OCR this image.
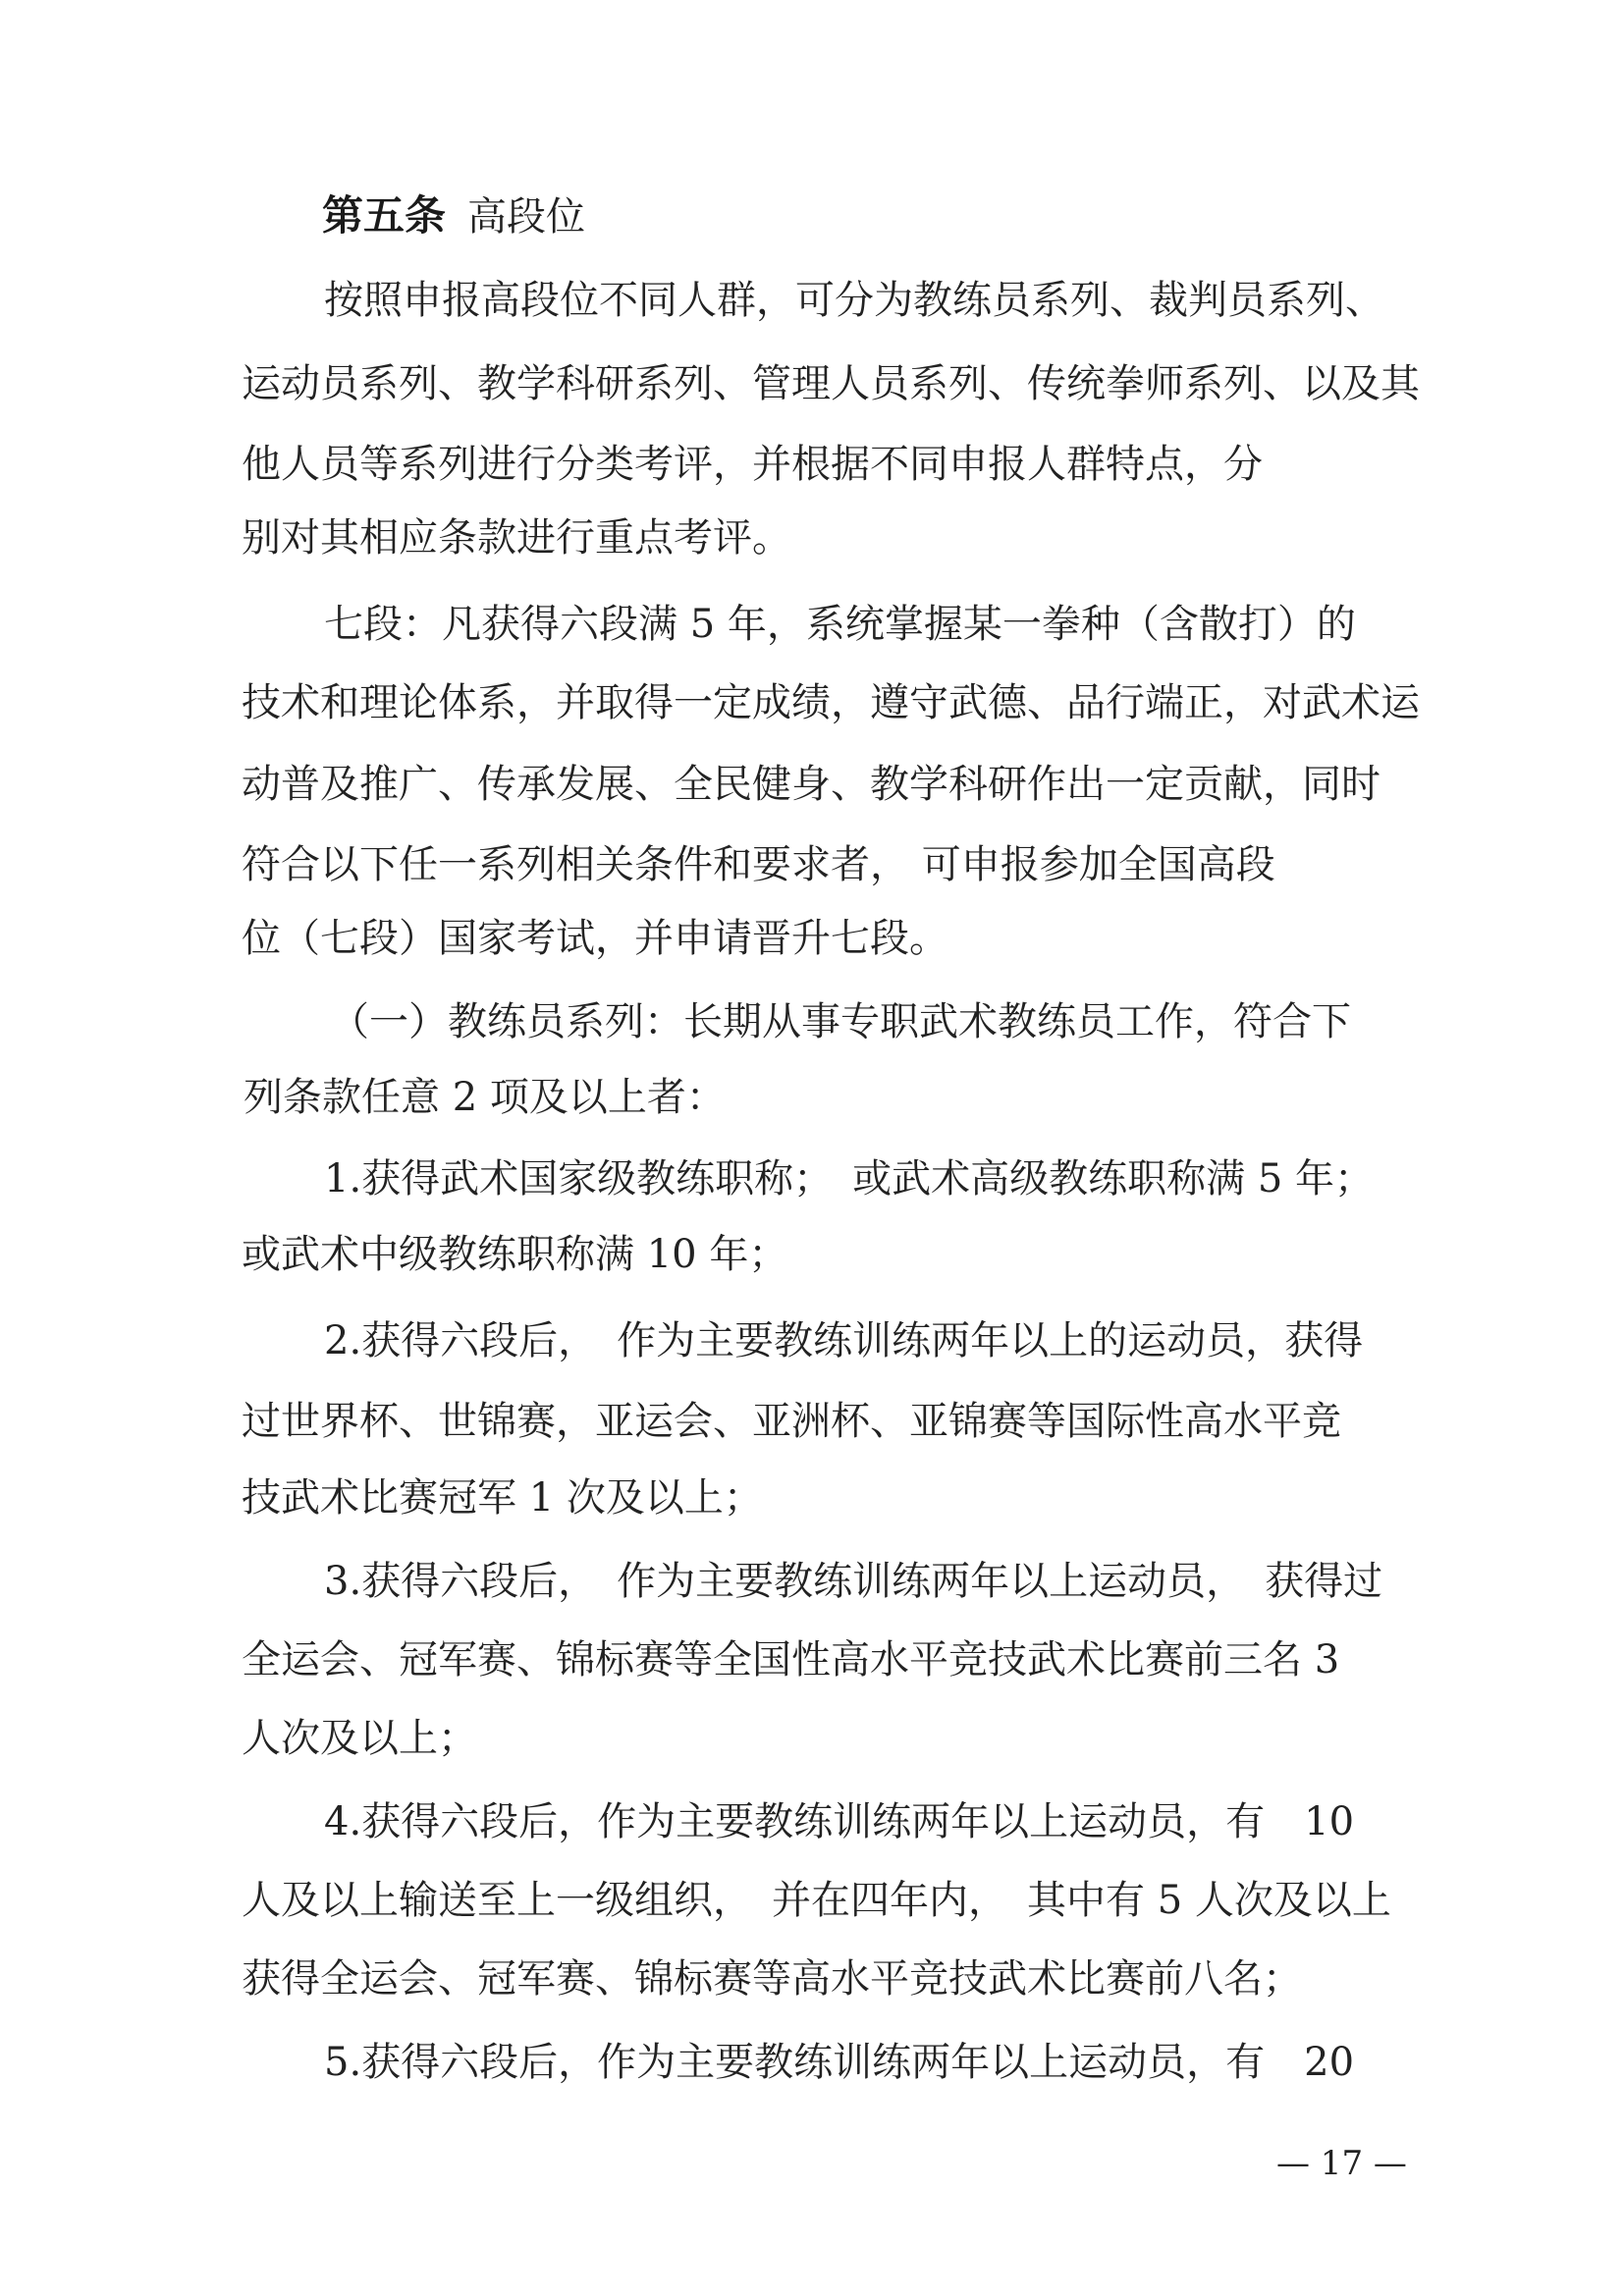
第五条 高段位
按照申报高段位不同人群，可分为教练员系列、裁判员系列、
运动员系列、教学科研系列、管理人员系列、传统拳师系列、以及其
他人员等系列进行分类考评，并根据不同申报人群特点，分
别对其相应条款进行重点考评。
七段：凡获得六段满 5 年，系统掌握某一拳种（含散打）的
技术和理论体系，并取得一定成绩，遵守武德、品行端正，对武术运
动普及推广、传承发展、全民健身、教学科研作出一定贡献，同时
符合以下任一系列相关条件和要求者， 可申报参加全国高段
位（七段）国家考试，并申请晋升七段。
（一）教练员系列：长期从事专职武术教练员工作，符合下
列条款任意 2 项及以上者：
1.获得武术国家级教练职称；　或武术高级教练职称满 5 年；
或武术中级教练职称满 10 年；
2.获得六段后，　作为主要教练训练两年以上的运动员，获得
过世界杯、世锦赛，亚运会、亚洲杯、亚锦赛等国际性高水平竞
技武术比赛冠军 1 次及以上；
3.获得六段后，　作为主要教练训练两年以上运动员，　获得过
全运会、冠军赛、锦标赛等全国性高水平竞技武术比赛前三名 3
人次及以上；
4.获得六段后，作为主要教练训练两年以上运动员，有　10
人及以上输送至上一级组织，　并在四年内，　其中有 5 人次及以上
获得全运会、冠军赛、锦标赛等高水平竞技武术比赛前八名；
5.获得六段后，作为主要教练训练两年以上运动员，有　20
— 17 —
